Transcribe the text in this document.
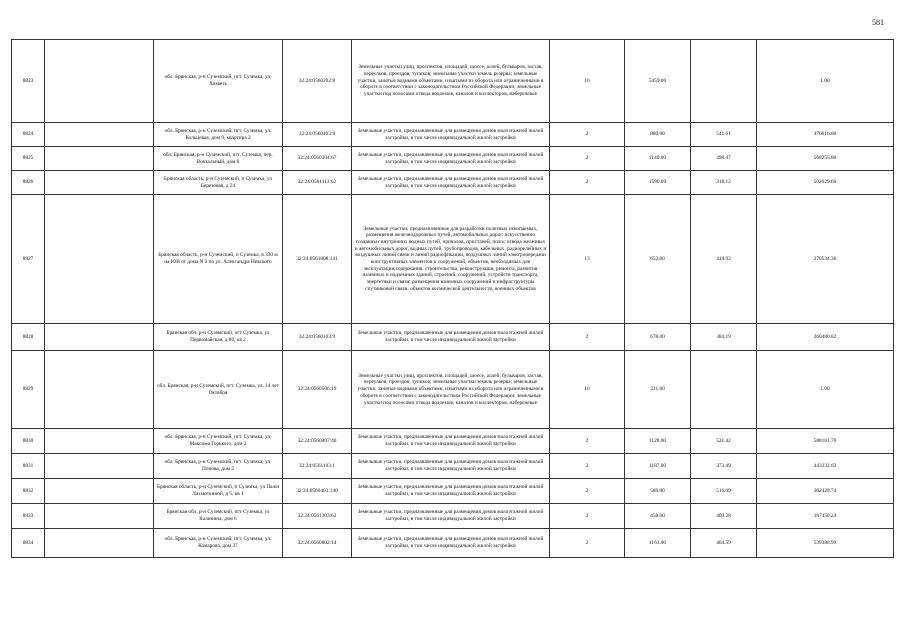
581
8823		обл. Брянская, р-н Суземский, пгт. Суземка, ул. Хозветь	32:24:0560202:8	Земельные участки улиц, проспектов, площадей, шоссе, аллей, бульваров, застав, переулков, проездов, тупиков; земельные участки земель резерва; земельные участки, занятые водными объектами, изъятыми из оборота или ограниченными в обороте в соответствии с законодательством Российской Федерации; земельные участки под полосами отвода водоемов, каналов и коллекторов, набережные	16	5459.00		1.00
8824		обл. Брянская, р-н Суземский, пгт. Суземка, ул. Кольцевая, дом 9, квартира 2	32:24:0560403:8	Земельные участки, предназначенные для размещения домов малоэтажной жилой застройки, в том числе индивидуальной жилой застройки	2	880.00	541.61	476616.80
8825		обл. Брянская, р-н Суземский, пгт. Суземка, пер. Вокзальный, дом 6	32:24:0560304:67	Земельные участки, предназначенные для размещения домов малоэтажной жилой застройки, в том числе индивидуальной жилой застройки	2	1140.00	498.47	568255.80
8826		Брянская область, р-н Суземский, п Суземка, ул Березовая, д 24	32:24:0561113:62	Земельные участки, предназначенные для размещения домов малоэтажной жилой застройки, в том числе индивидуальной жилой застройки	2	1580.00	318.12	502629.60
8827		Брянская область, р-н Суземский, п Суземка, в 330 м на ЮВ от дома N 2 по ул. Александра Невского	32:24:0561808:141	Земельные участки, предназначенные для разработки полезных ископаемых, размещения железнодорожных путей, автомобильных дорог, искусственно созданных внутренних водных путей, причалов, пристаней, полос отвода железных и автомобильных дорог, водных путей, трубопроводов, кабельных, радиорелейных и воздушных линий связи и линий радиофикации, воздушных линий электропередачи конструктивных элементов и сооружений, объектов, необходимых для эксплуатации,содержания, строительства, реконструкции, ремонта, развития наземных и подземных зданий, строений, сооружений, устройств транспорта, энергетики и связи; размещения наземных сооружений и инфраструктуры спутниковой связи, объектов космической деятельности, военных объектов	13	652.00	414.93	270534.36
8828		Брянская обл, р-н Суземский, пгт Суземка, ул Первомайская, д 80, кв 2	32:24:0560103:9	Земельные участки, предназначенные для размещения домов малоэтажной жилой застройки, в том числе индивидуальной жилой застройки	2	678.00	384.19	260480.82
8829		обл. Брянская, р-н Суземский, пгт. Суземка, ул. 14 лет Октября	32:24:0560506:19	Земельные участки улиц, проспектов, площадей, шоссе, аллей, бульваров, застав, переулков, проездов, тупиков; земельные участки земель резерва; земельные участки, занятые водными объектами, изъятыми из оборота или ограниченными в обороте в соответствии с законодательством Российской Федерации; земельные участки под полосами отвода водоемов, каналов и коллекторов, набережные	16	331.00		1.00
8830		обл. Брянская, р-н Суземский, пгт. Суземка, ул. Максима Горького, дом 2	32:24:0560407:40	Земельные участки, предназначенные для размещения домов малоэтажной жилой застройки, в том числе индивидуальной жилой застройки	2	1128.00	521.42	588161.76
8831		обл. Брянская, р-н Суземский, пгт. Суземка, ул. Попова, дом 2	32:24:0561103:1	Земельные участки, предназначенные для размещения домов малоэтажной жилой застройки, в том числе индивидуальной жилой застройки	2	1187.00	373.49	443332.63
8832		Брянская область, р-н Суземский, п Суземка, ул Пажи Лахмоткиной, д 5, кв 1	32:24:0560403:140	Земельные участки, предназначенные для размещения домов малоэтажной жилой застройки, в том числе индивидуальной жилой застройки	2	586.00	516.09	302428.74
8833		Брянская обл, р-н Суземский, пгт Суземка, ул Калинина, дом 6	32:24:0561303:62	Земельные участки, предназначенные для размещения домов малоэтажной жилой застройки, в том числе индивидуальной жилой застройки	2	458.00	409.28	187450.24
8834		обл. Брянская, р-н Суземский, пгт. Суземка, ул. Комарова, дом 37	32:24:0560802:14	Земельные участки, предназначенные для размещения домов малоэтажной жилой застройки, в том числе индивидуальной жилой застройки	2	1161.00	464.59	539388.99
